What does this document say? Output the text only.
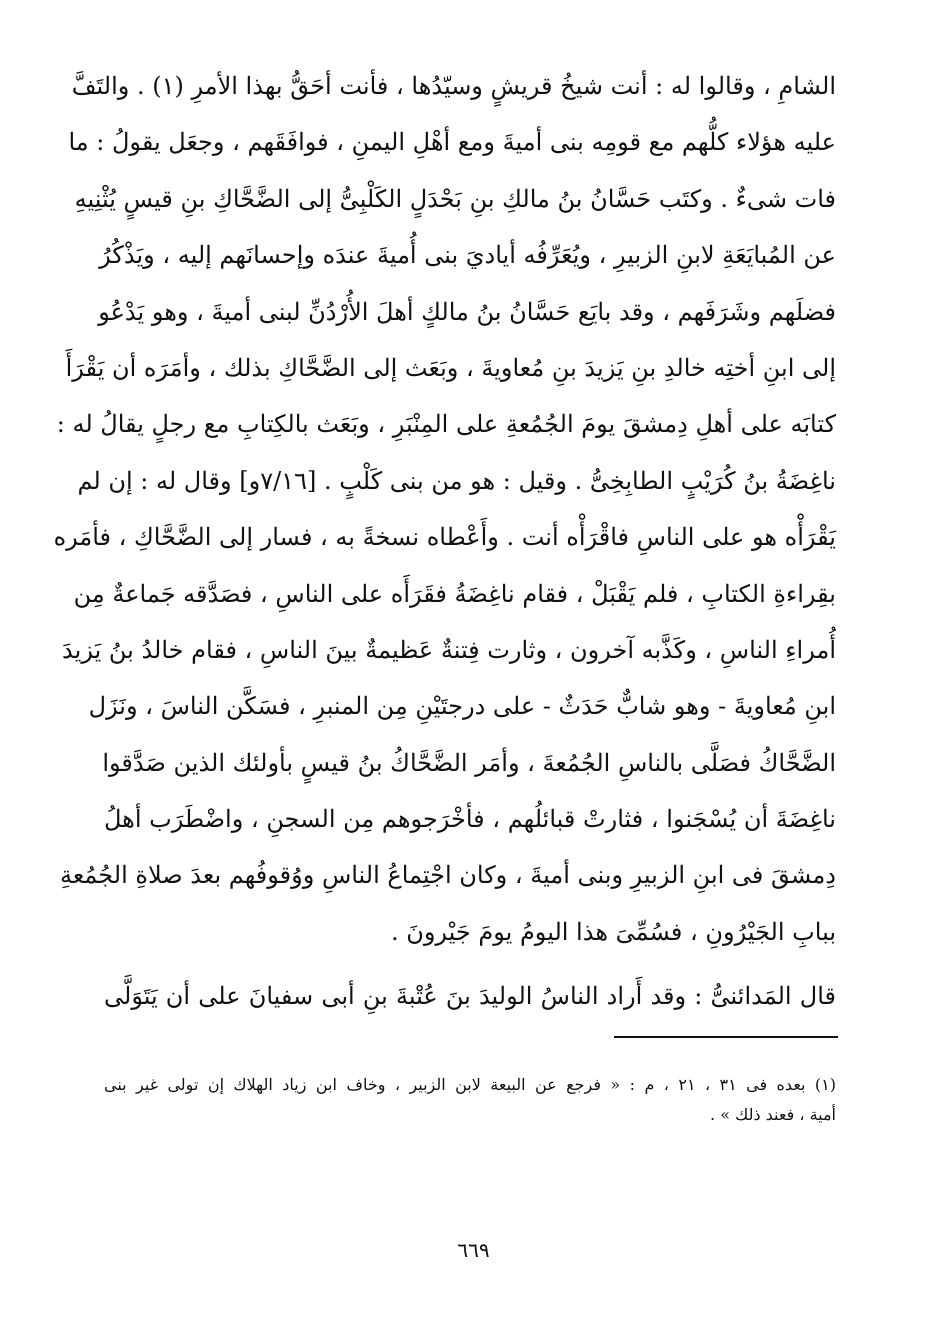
الشامِ ، وقالوا له : أنت شيخُ قريشٍ وسيّدُها ، فأنت أحَقُّ بهذا الأمرِ (١) . والتَفَّ
عليه هؤلاء كلُّهم مع قومِه بنى أميةَ ومع أهْلِ اليمنِ ، فوافَقَهم ، وجعَل يقولُ : ما
فات شىءٌ . وكتَب حَسَّانُ بنُ مالكِ بنِ بَحْدَلٍ الكَلْبِىُّ إلى الضَّحَّاكِ بنِ قيسٍ يُثْنِيهِ
عن المُبايَعَةِ لابنِ الزبيرِ ، ويُعَرِّفُه أياديَ بنى أُميةَ عندَه وإحسانَهم إليه ، ويَذْكُرُ
فضلَهم وشَرَفَهم ، وقد بايَع حَسَّانُ بنُ مالكٍ أهلَ الأُرْدُنِّ لبنى أميةَ ، وهو يَدْعُو
إلى ابنِ أختِه خالدِ بنِ يَزيدَ بنِ مُعاويةَ ، وبَعَث إلى الضَّحَّاكِ بذلك ، وأمَرَه أن يَقْرَأَ
كتابَه على أهلِ دِمشقَ يومَ الجُمُعةِ على المِنْبَرِ ، وبَعَث بالكِتابِ مع رجلٍ يقالُ له :
ناغِضَةُ بنُ كُرَيْبٍ الطابِخِىُّ . وقيل : هو من بنى كَلْبٍ . [٧/١٦و] وقال له : إن لم
يَقْرَأْه هو على الناسِ فاقْرَأْه أنت . وأَعْطاه نسخةً به ، فسار إلى الضَّحَّاكِ ، فأمَره
بقِراءةِ الكتابِ ، فلم يَقْبَلْ ، فقام ناغِضَةُ فقَرَأَه على الناسِ ، فصَدَّقه جَماعةٌ مِن
أُمراءِ الناسِ ، وكَذَّبه آخرون ، وثارت فِتنةٌ عَظيمةٌ بينَ الناسِ ، فقام خالدُ بنُ يَزيدَ
ابنِ مُعاويةَ - وهو شابٌّ حَدَثٌ - على درجتَيْنِ مِن المنبرِ ، فسَكَّن الناسَ ، ونَزَل
الضَّحَّاكُ فصَلَّى بالناسِ الجُمُعةَ ، وأمَر الضَّحَّاكُ بنُ قيسٍ بأولئك الذين صَدَّقوا
ناغِضَةَ أن يُسْجَنوا ، فثارتْ قبائلُهم ، فأخْرَجوهم مِن السجنِ ، واضْطَرَب أهلُ
دِمشقَ فى ابنِ الزبيرِ وبنى أميةَ ، وكان اجْتِماعُ الناسِ ووُقوفُهم بعدَ صلاةِ الجُمُعةِ
ببابِ الجَيْرُونِ ، فسُمِّىَ هذا اليومُ يومَ جَيْرونَ .
قال المَدائنىُّ : وقد أَراد الناسُ الوليدَ بنَ عُتْبةَ بنِ أبى سفيانَ على أن يَتَوَلَّى
(١) بعده فى ٣١ ، ٢١ ، م : « فرجع عن البيعة لابن الزبير ، وخاف ابن زياد الهلاك إن تولى غير بنى
أمية ، فعند ذلك » .
٦٦٩
